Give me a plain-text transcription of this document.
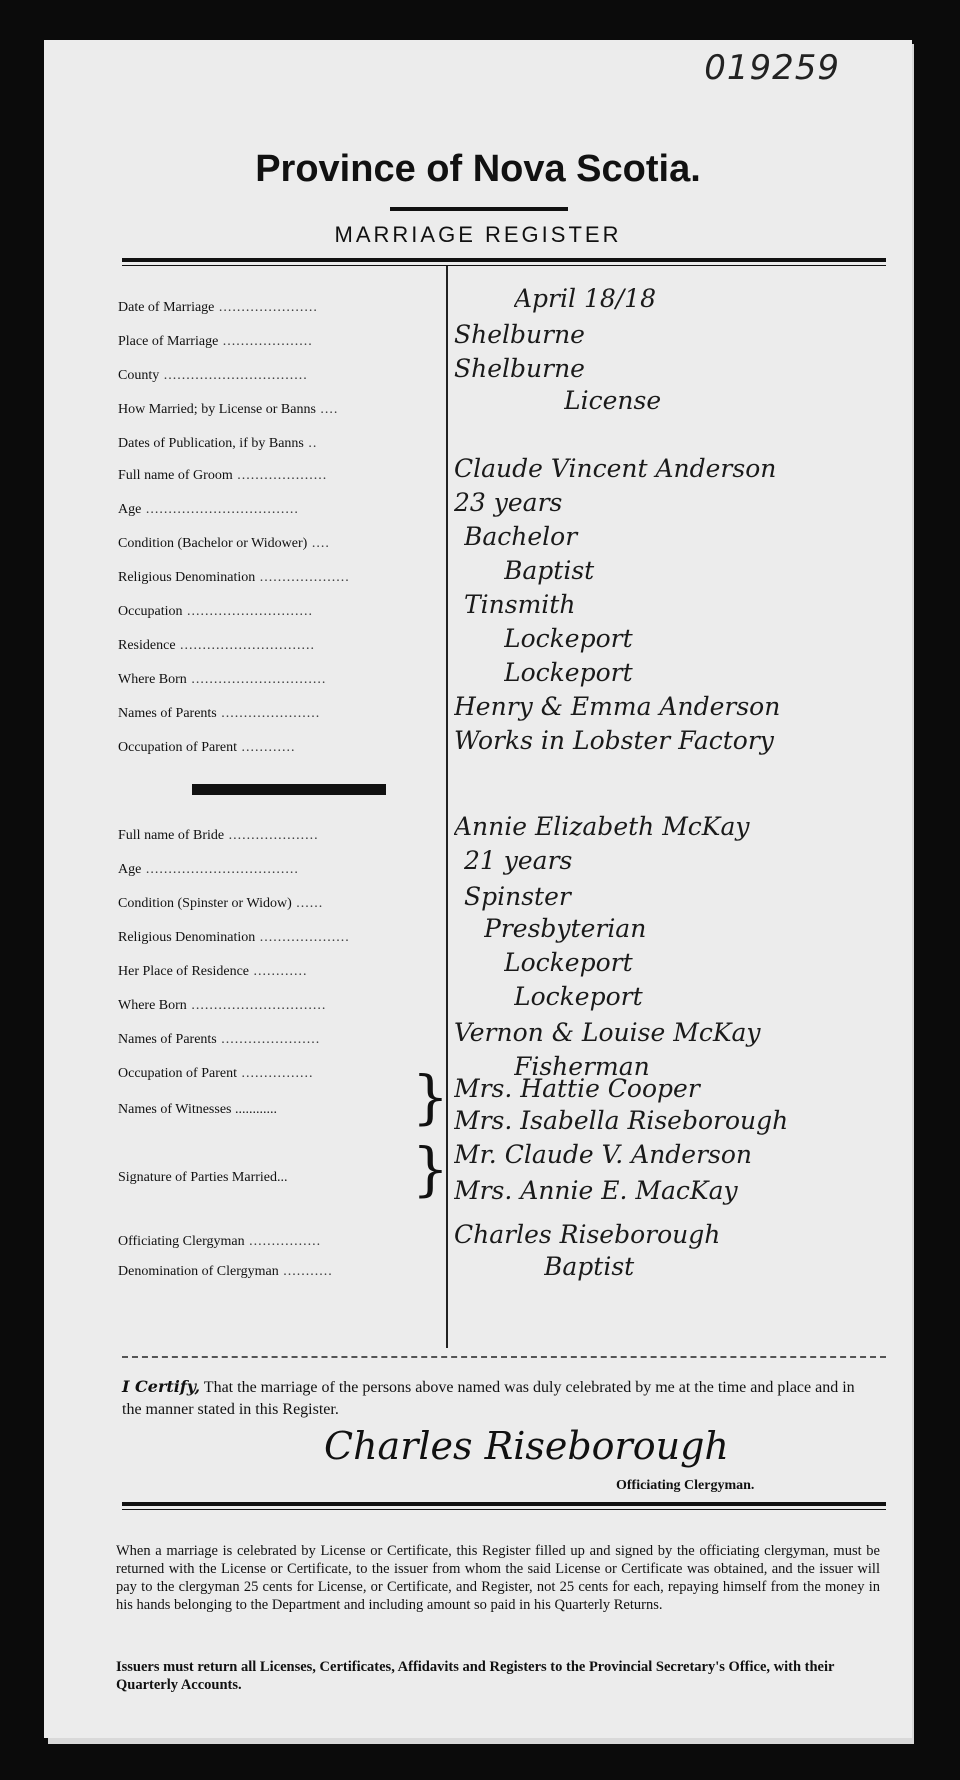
019259
Province of Nova Scotia.
MARRIAGE REGISTER
Date of Marriage ......................	April 18/18
Place of Marriage ....................	Shelburne
County ................................	Shelburne
How Married; by License or Banns ....	License
Dates of Publication, if by Banns ..
Full name of Groom ....................	Claude Vincent Anderson
Age ..................................	23 years
Condition (Bachelor or Widower) ....	Bachelor
Religious Denomination ....................	Baptist
Occupation ............................	Tinsmith
Residence ..............................	Lockeport
Where Born ..............................	Lockeport
Names of Parents ......................	Henry & Emma Anderson
Occupation of Parent ............	Works in Lobster Factory
Full name of Bride ....................	Annie Elizabeth McKay
Age ..................................	21 years
Condition (Spinster or Widow) ......	Spinster
Religious Denomination ....................	Presbyterian
Her Place of Residence ............	Lockeport
Where Born ..............................	Lockeport
Names of Parents ......................	Vernon & Louise McKay
Occupation of Parent ................	Fisherman
Names of Witnesses ............	} Mrs. Hattie Cooper
Mrs. Isabella Riseborough
Signature of Parties Married...	} Mr. Claude V. Anderson
Mrs. Annie E. MacKay
Officiating Clergyman ................	Charles Riseborough
Denomination of Clergyman ...........	Baptist
I Certify, That the marriage of the persons above named was duly celebrated by me at the time and place and in the manner stated in this Register.
Charles Riseborough
Officiating Clergyman.
When a marriage is celebrated by License or Certificate, this Register filled up and signed by the officiating clergyman, must be returned with the License or Certificate, to the issuer from whom the said License or Certificate was obtained, and the issuer will pay to the clergyman 25 cents for License, or Certificate, and Register, not 25 cents for each, repaying himself from the money in his hands belonging to the Department and including amount so paid in his Quarterly Returns.
Issuers must return all Licenses, Certificates, Affidavits and Registers to the Provincial Secretary's Office, with their Quarterly Accounts.
